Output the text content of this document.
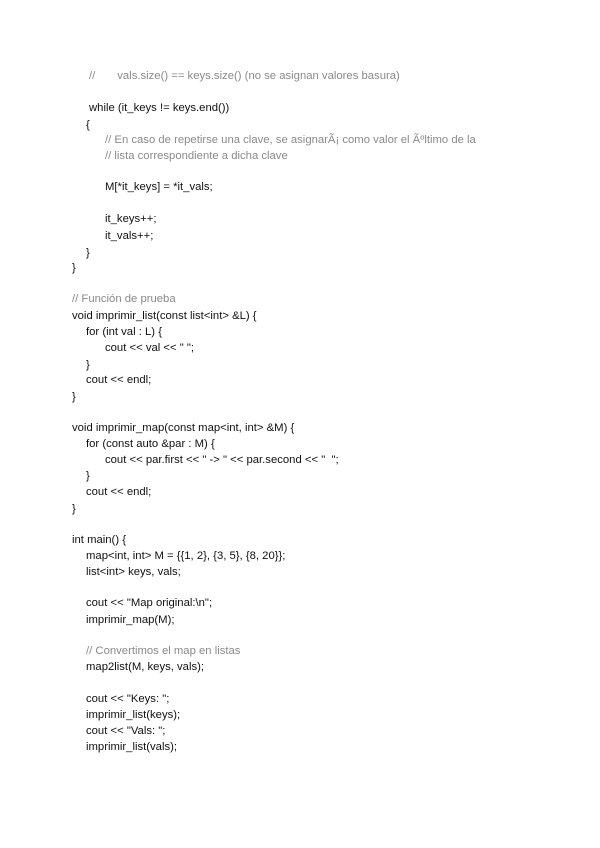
//       vals.size() == keys.size() (no se asignan valores basura)
while (it_keys != keys.end())
{
// En caso de repetirse una clave, se asignarÃ¡ como valor el Ãºltimo de la
// lista correspondiente a dicha clave
M[*it_keys] = *it_vals;
it_keys++;
it_vals++;
}
}
// Función de prueba
void imprimir_list(const list<int> &L) {
for (int val : L) {
cout << val << " ";
}
cout << endl;
}
void imprimir_map(const map<int, int> &M) {
for (const auto &par : M) {
cout << par.first << " -> " << par.second << "  ";
}
cout << endl;
}
int main() {
map<int, int> M = {{1, 2}, {3, 5}, {8, 20}};
list<int> keys, vals;
cout << "Map original:\n";
imprimir_map(M);
// Convertimos el map en listas
map2list(M, keys, vals);
cout << "Keys: ";
imprimir_list(keys);
cout << "Vals: ";
imprimir_list(vals);
